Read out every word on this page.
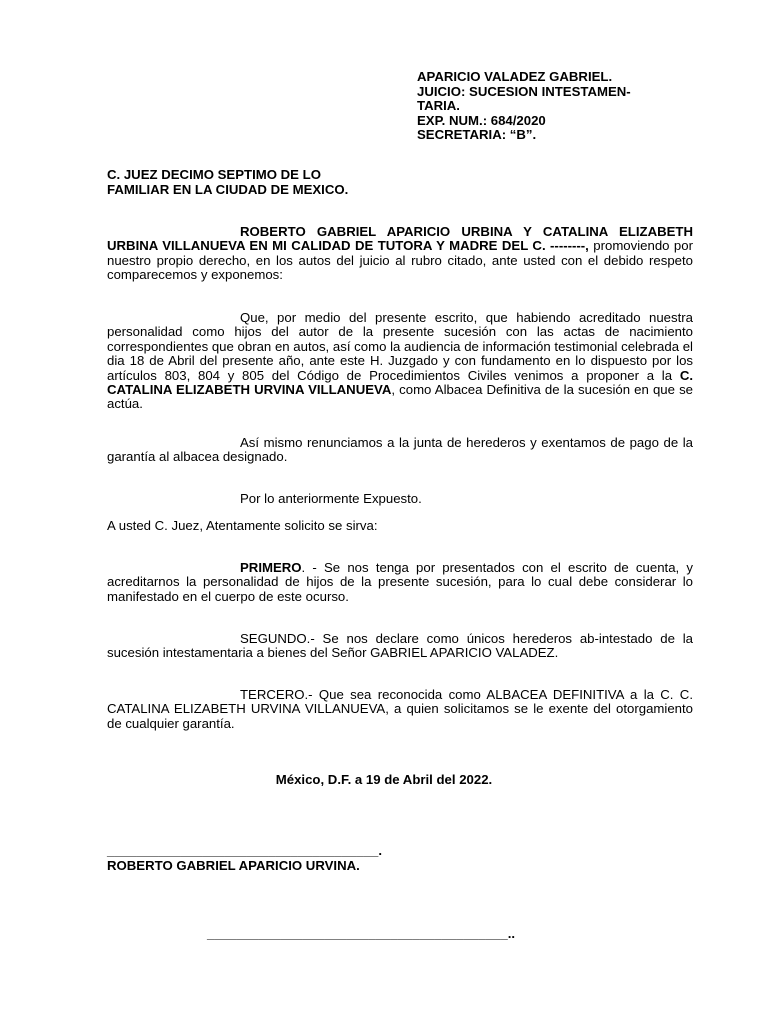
APARICIO VALADEZ GABRIEL.
JUICIO: SUCESION INTESTAMEN-
TARIA.
EXP. NUM.: 684/2020
SECRETARIA: “B”.
C. JUEZ DECIMO SEPTIMO DE LO
FAMILIAR EN LA CIUDAD DE MEXICO.
ROBERTO GABRIEL APARICIO URBINA Y CATALINA ELIZABETH URBINA VILLANUEVA EN MI CALIDAD DE TUTORA Y MADRE DEL C. --------, promoviendo por nuestro propio derecho, en los autos del juicio al rubro citado, ante usted con el debido respeto comparecemos y exponemos:
Que, por medio del presente escrito, que habiendo acreditado nuestra personalidad como hijos del autor de la presente sucesión con las actas de nacimiento correspondientes que obran en autos, así como la audiencia de información testimonial celebrada el dia 18 de Abril del presente año, ante este H. Juzgado y con fundamento en lo dispuesto por los artículos 803, 804 y 805 del Código de Procedimientos Civiles venimos a proponer a la C. CATALINA ELIZABETH URVINA VILLANUEVA, como Albacea Definitiva de la sucesión en que se actúa.
Así mismo renunciamos a la junta de herederos y exentamos de pago de la garantía al albacea designado.
Por lo anteriormente Expuesto.
A usted C. Juez, Atentamente solicito se sirva:
PRIMERO. - Se nos tenga por presentados con el escrito de cuenta, y acreditarnos la personalidad de hijos de la presente sucesión, para lo cual debe considerar lo manifestado en el cuerpo de este ocurso.
SEGUNDO.- Se nos declare como únicos herederos ab-intestado de la sucesión intestamentaria a bienes del Señor GABRIEL APARICIO VALADEZ.
TERCERO.- Que sea reconocida como ALBACEA DEFINITIVA a la C. C. CATALINA ELIZABETH URVINA VILLANUEVA, a quien solicitamos se le exente del otorgamiento de cualquier garantía.
México, D.F. a 19 de Abril del 2022.
_____________________________________.
ROBERTO GABRIEL APARICIO URVINA.
_________________________________________..
